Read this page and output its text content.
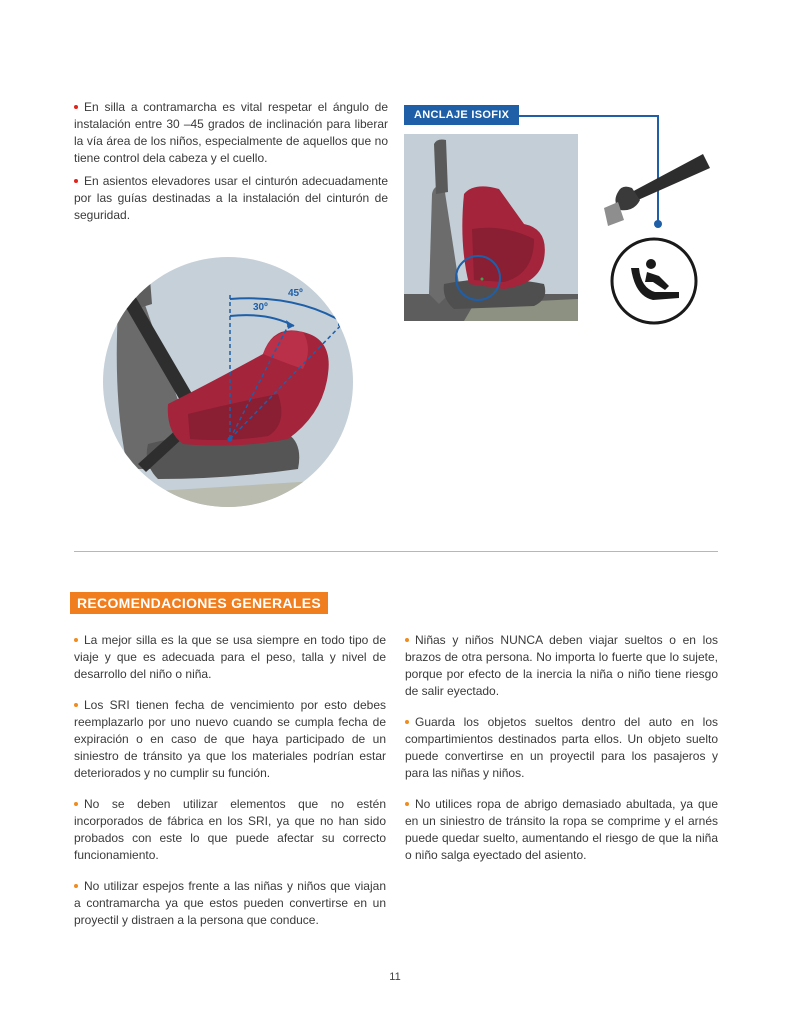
En silla a contramarcha es vital respetar el ángulo de instalación entre 30 –45 grados de inclinación para liberar la vía área de los niños, especialmente de aquellos que no tiene control dela cabeza y el cuello.

En asientos elevadores usar el cinturón adecuadamente por las guías destinadas a la instalación del cinturón de seguridad.

45º
30º
ANCLAJE ISOFIX
RECOMENDACIONES GENERALES

La mejor silla es la que se usa siempre en todo tipo de viaje y que es adecuada para el peso, talla y nivel de desarrollo del niño o niña.

Los SRI tienen fecha de vencimiento por esto debes reemplazarlo por uno nuevo cuando se cumpla fecha de expiración o en caso de que haya participado de un siniestro de tránsito ya que los materiales podrían estar deteriorados y no cumplir su función.

No se deben utilizar elementos que no estén incorporados de fábrica en los SRI, ya que no han sido probados con este lo que puede afectar su correcto funcionamiento.

No utilizar espejos frente a las niñas y niños que viajan a contramarcha ya que estos pueden convertirse en un proyectil y distraen a la persona que conduce.

Niñas y niños NUNCA deben viajar sueltos o en los brazos de otra persona. No importa lo fuerte que lo sujete, porque por efecto de la inercia la niña o niño tiene riesgo de salir eyectado.

Guarda los objetos sueltos dentro del auto en los compartimientos destinados parta ellos. Un objeto suelto puede convertirse en un proyectil para los pasajeros y para las niñas y niños.

No utilices ropa de abrigo demasiado abultada, ya que en un siniestro de tránsito la ropa se comprime y el arnés puede quedar suelto, aumentando el riesgo de que la niña o niño salga eyectado del asiento.

11
